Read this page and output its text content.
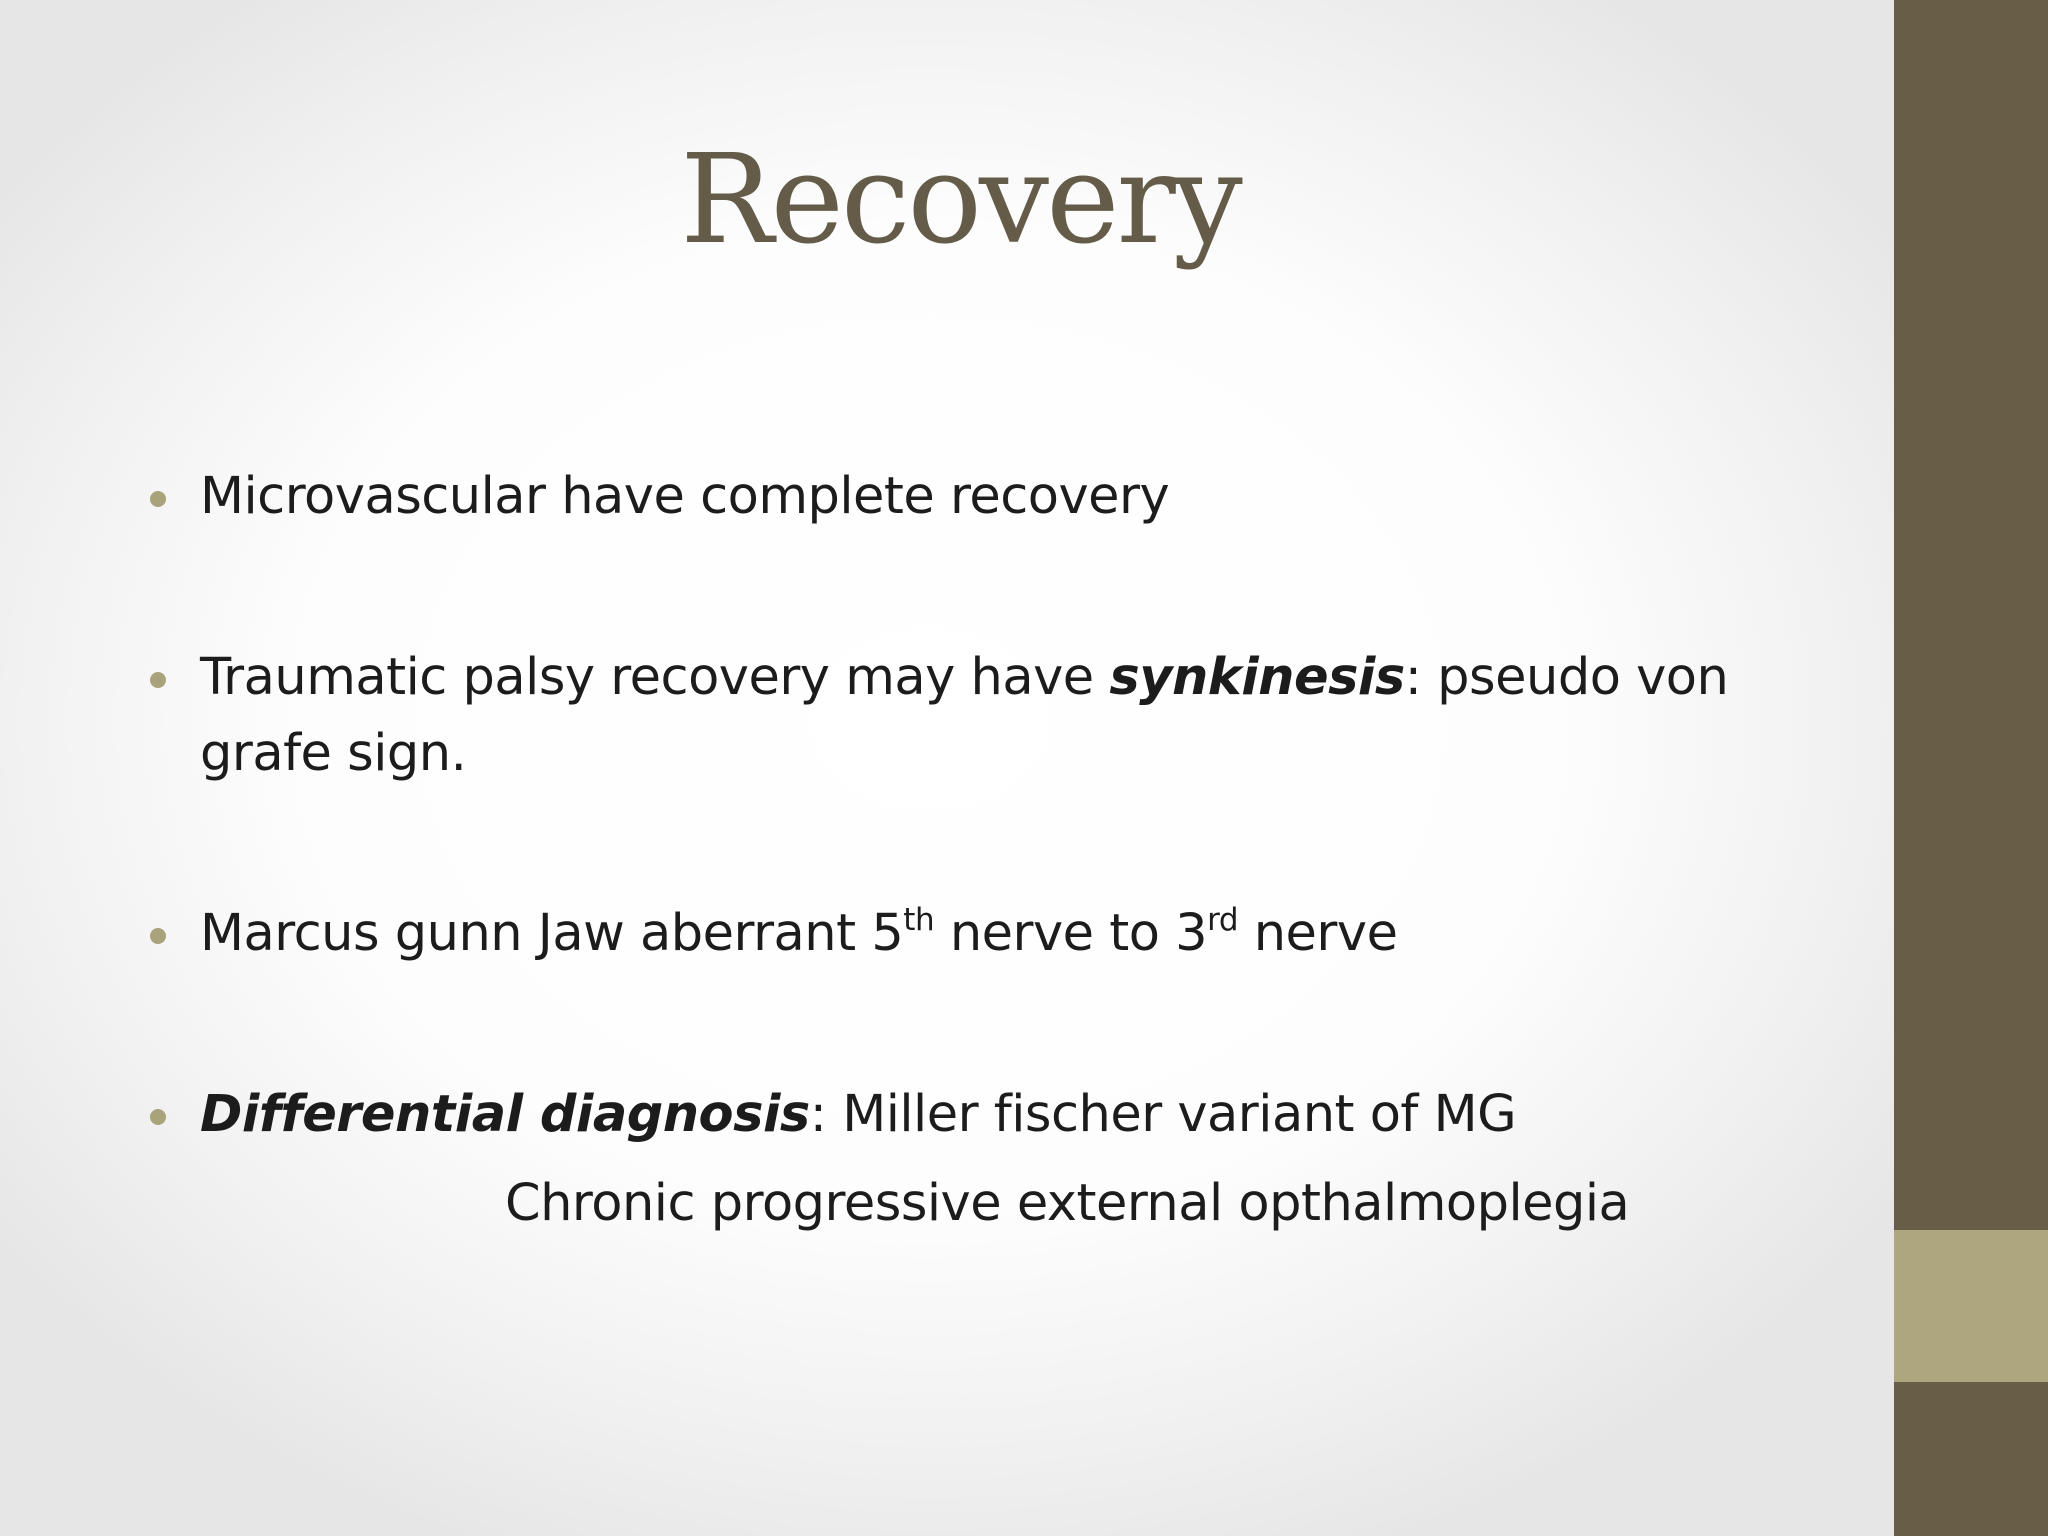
Recovery
Microvascular have complete recovery
Traumatic palsy recovery may have synkinesis: pseudo von grafe sign.
Marcus gunn Jaw aberrant 5th nerve to 3rd nerve
Differential diagnosis: Miller fischer variant of MG
Chronic progressive external opthalmoplegia
